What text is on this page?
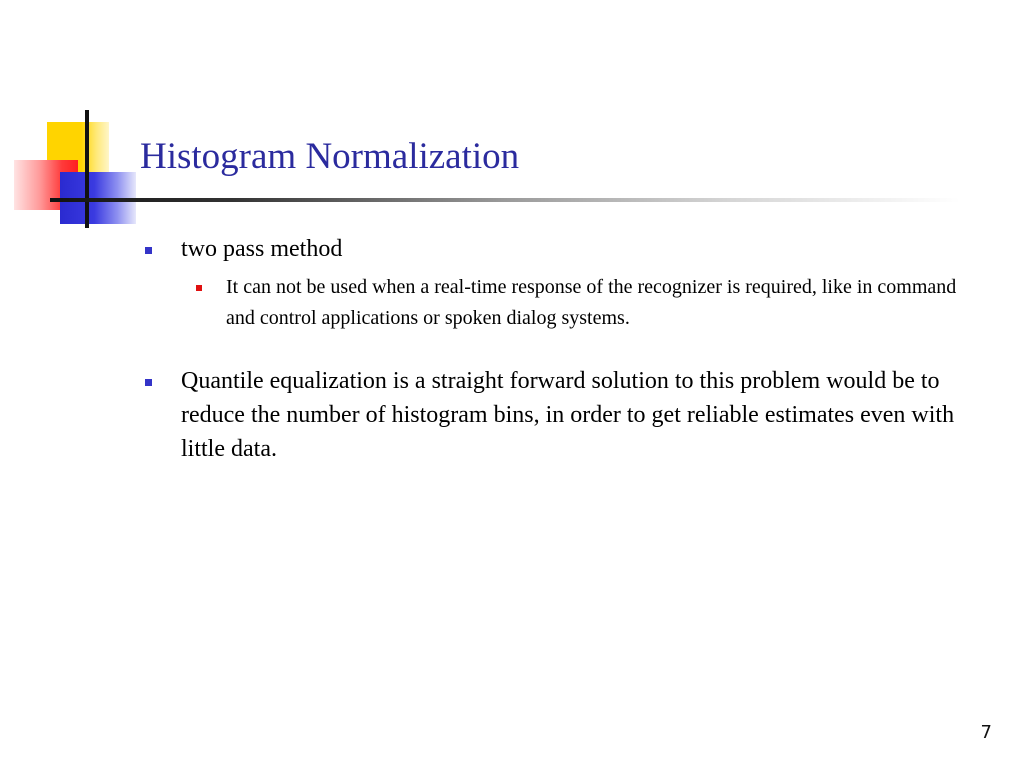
Histogram Normalization
two pass method
It can not be used when a real-time response of the recognizer is required, like in command and control applications or spoken dialog systems.
Quantile equalization is a straight forward solution to this problem would be to reduce the number of histogram bins, in order to get reliable estimates even with little data.
7
